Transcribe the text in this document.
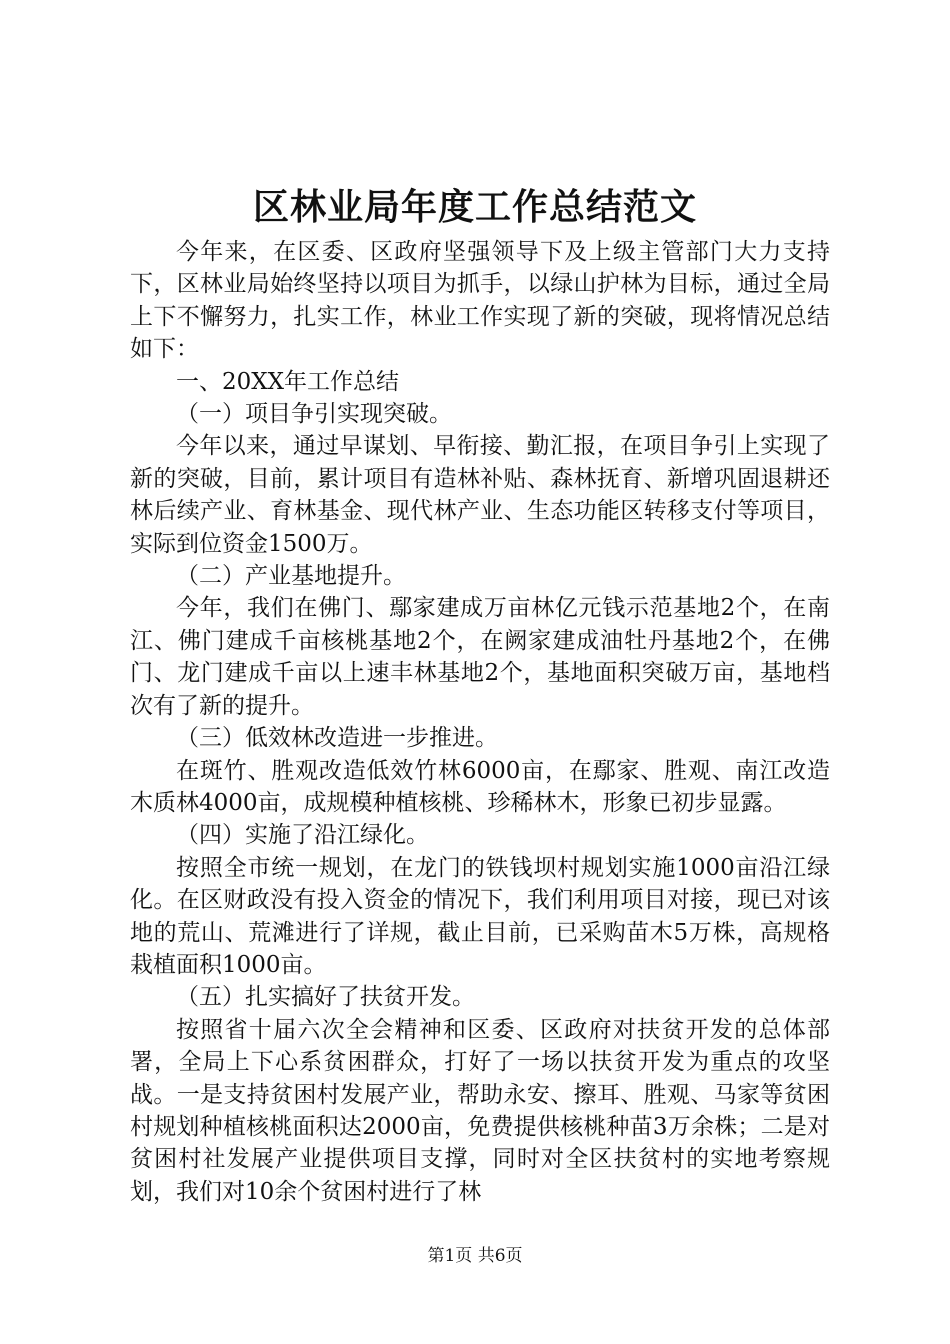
区林业局年度工作总结范文

今年来，在区委、区政府坚强领导下及上级主管部门大力支持下，区林业局始终坚持以项目为抓手，以绿山护林为目标，通过全局上下不懈努力，扎实工作，林业工作实现了新的突破，现将情况总结如下：

一、20XX年工作总结

（一）项目争引实现突破。

今年以来，通过早谋划、早衔接、勤汇报，在项目争引上实现了新的突破，目前，累计项目有造林补贴、森林抚育、新增巩固退耕还林后续产业、育林基金、现代林产业、生态功能区转移支付等项目，实际到位资金1500万。

（二）产业基地提升。

今年，我们在佛门、鄢家建成万亩林亿元钱示范基地2个，在南江、佛门建成千亩核桃基地2个，在阙家建成油牡丹基地2个，在佛门、龙门建成千亩以上速丰林基地2个，基地面积突破万亩，基地档次有了新的提升。

（三）低效林改造进一步推进。

在斑竹、胜观改造低效竹林6000亩，在鄢家、胜观、南江改造木质林4000亩，成规模种植核桃、珍稀林木，形象已初步显露。

（四）实施了沿江绿化。

按照全市统一规划，在龙门的铁钱坝村规划实施1000亩沿江绿化。在区财政没有投入资金的情况下，我们利用项目对接，现已对该地的荒山、荒滩进行了详规，截止目前，已采购苗木5万株，高规格栽植面积1000亩。

（五）扎实搞好了扶贫开发。

按照省十届六次全会精神和区委、区政府对扶贫开发的总体部署，全局上下心系贫困群众，打好了一场以扶贫开发为重点的攻坚战。一是支持贫困村发展产业，帮助永安、擦耳、胜观、马家等贫困村规划种植核桃面积达2000亩，免费提供核桃种苗3万余株；二是对贫困村社发展产业提供项目支撑，同时对全区扶贫村的实地考察规划，我们对10余个贫困村进行了林

第1页 共6页
